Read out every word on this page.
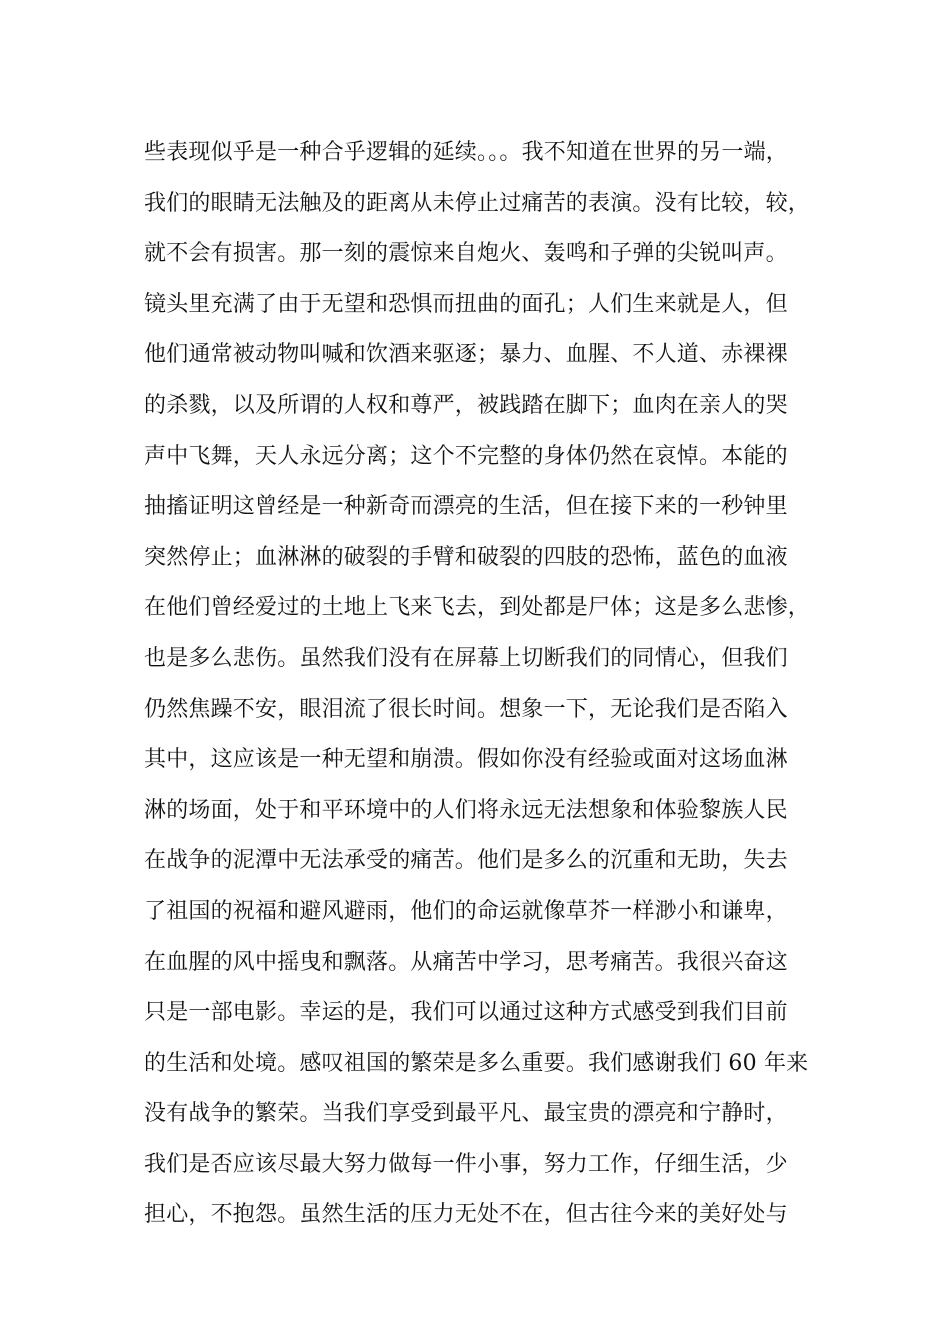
些表现似乎是一种合乎逻辑的延续。。。我不知道在世界的另一端，
我们的眼睛无法触及的距离从未停止过痛苦的表演。没有比较，较，
就不会有损害。那一刻的震惊来自炮火、轰鸣和子弹的尖锐叫声。
镜头里充满了由于无望和恐惧而扭曲的面孔；人们生来就是人，但
他们通常被动物叫喊和饮酒来驱逐；暴力、血腥、不人道、赤裸裸
的杀戮，以及所谓的人权和尊严，被践踏在脚下；血肉在亲人的哭
声中飞舞，天人永远分离；这个不完整的身体仍然在哀悼。本能的
抽搐证明这曾经是一种新奇而漂亮的生活，但在接下来的一秒钟里
突然停止；血淋淋的破裂的手臂和破裂的四肢的恐怖，蓝色的血液
在他们曾经爱过的土地上飞来飞去，到处都是尸体；这是多么悲惨，
也是多么悲伤。虽然我们没有在屏幕上切断我们的同情心，但我们
仍然焦躁不安，眼泪流了很长时间。想象一下，无论我们是否陷入
其中，这应该是一种无望和崩溃。假如你没有经验或面对这场血淋
淋的场面，处于和平环境中的人们将永远无法想象和体验黎族人民
在战争的泥潭中无法承受的痛苦。他们是多么的沉重和无助，失去
了祖国的祝福和避风避雨，他们的命运就像草芥一样渺小和谦卑，
在血腥的风中摇曳和飘落。从痛苦中学习，思考痛苦。我很兴奋这
只是一部电影。幸运的是，我们可以通过这种方式感受到我们目前
的生活和处境。感叹祖国的繁荣是多么重要。我们感谢我们 60 年来
没有战争的繁荣。当我们享受到最平凡、最宝贵的漂亮和宁静时，
我们是否应该尽最大努力做每一件小事，努力工作，仔细生活，少
担心，不抱怨。虽然生活的压力无处不在，但古往今来的美好处与
